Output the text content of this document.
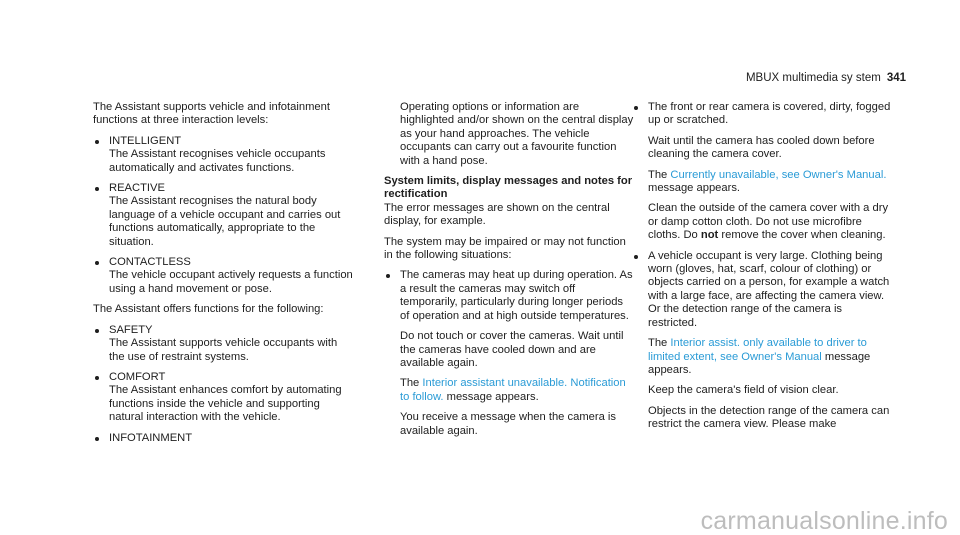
MBUX multimedia sy stem 341

The Assistant supports vehicle and infotainment functions at three interaction levels:

INTELLIGENT
The Assistant recognises vehicle occupants automatically and activates functions.
REACTIVE
The Assistant recognises the natural body language of a vehicle occupant and carries out functions automatically, appropriate to the situation.
CONTACTLESS
The vehicle occupant actively requests a function using a hand movement or pose.

The Assistant offers functions for the following:

SAFETY
The Assistant supports vehicle occupants with the use of restraint systems.
COMFORT
The Assistant enhances comfort by automating functions inside the vehicle and supporting natural interaction with the vehicle.
INFOTAINMENT

Operating options or information are highlighted and/or shown on the central display as your hand approaches. The vehicle occupants can carry out a favourite function with a hand pose.

System limits, display messages and notes for rectification

The error messages are shown on the central display, for example.

The system may be impaired or may not function in the following situations:

The cameras may heat up during operation. As a result the cameras may switch off temporarily, particularly during longer periods of operation and at high outside temperatures.

Do not touch or cover the cameras. Wait until the cameras have cooled down and are available again.

The Interior assistant unavailable. Notification to follow. message appears.

You receive a message when the camera is available again.

The front or rear camera is covered, dirty, fogged up or scratched.

Wait until the camera has cooled down before cleaning the camera cover.

The Currently unavailable, see Owner's Manual. message appears.

Clean the outside of the camera cover with a dry or damp cotton cloth. Do not use microfibre cloths. Do not remove the cover when cleaning.

A vehicle occupant is very large. Clothing being worn (gloves, hat, scarf, colour of clothing) or objects carried on a person, for example a watch with a large face, are affecting the camera view. Or the detection range of the camera is restricted.

The Interior assist. only available to driver to limited extent, see Owner's Manual message appears.

Keep the camera's field of vision clear.

Objects in the detection range of the camera can restrict the camera view. Please make

carmanualsonline.info
